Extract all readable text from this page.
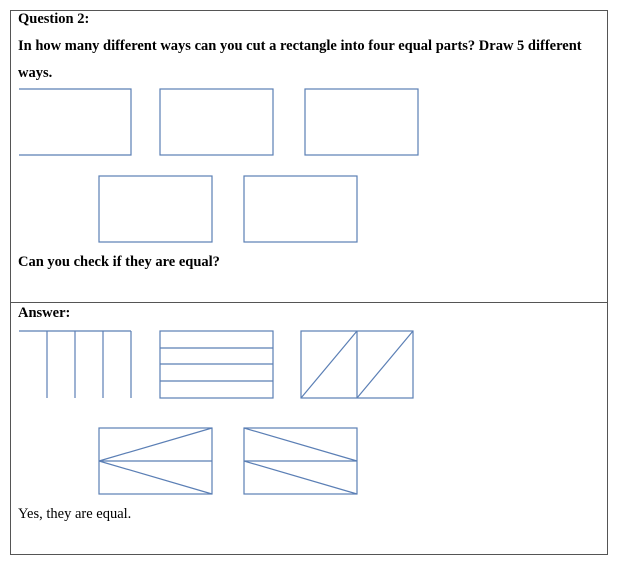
Question 2:
In how many different ways can you cut a rectangle into four equal parts? Draw 5 different
ways.
Can you check if they are equal?
Answer:
Yes, they are equal.
